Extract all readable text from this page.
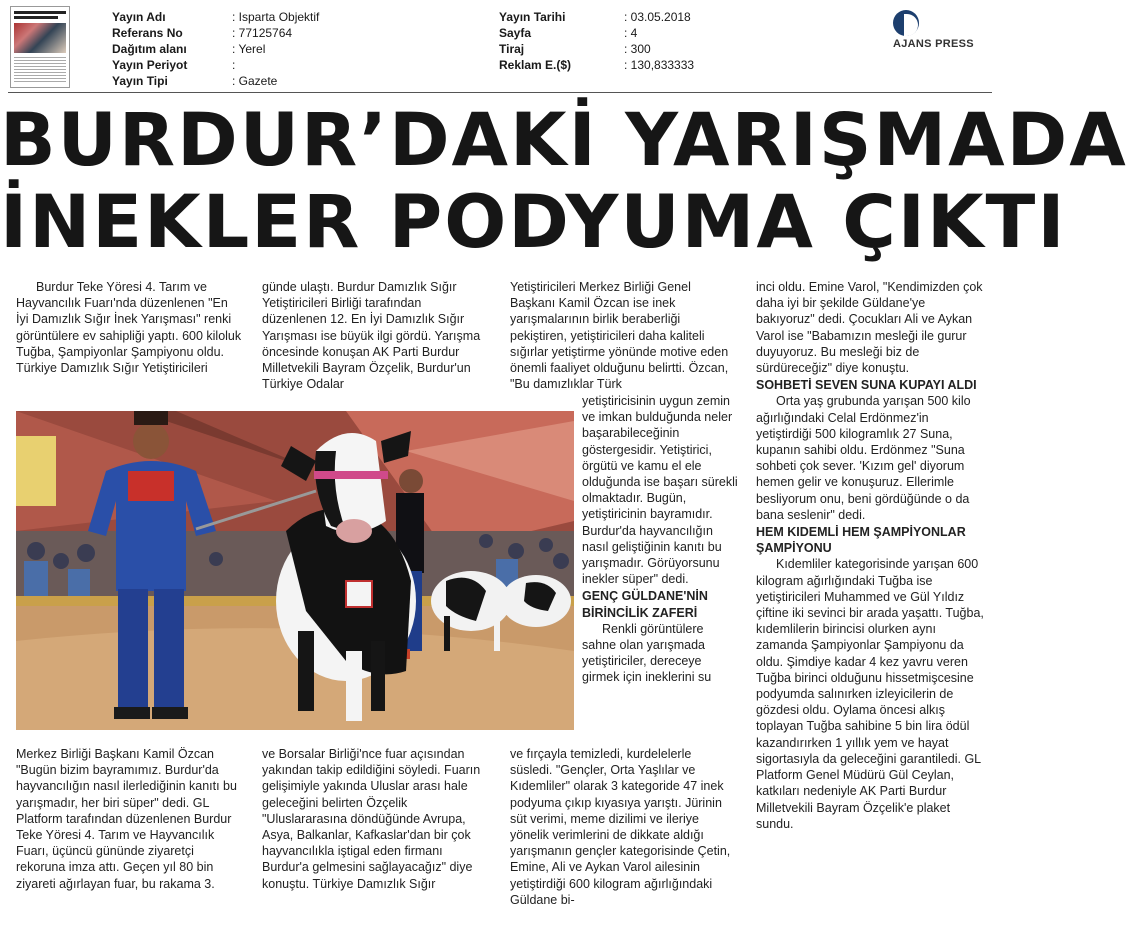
Yayın Adı	: Isparta Objektif
Referans No	: 77125764
Dağıtım alanı	: Yerel
Yayın Periyot	:
Yayın Tipi	: Gazete
Yayın Tarihi	: 03.05.2018
Sayfa	: 4
Tiraj	: 300
Reklam E.($)	: 130,833333
AJANS PRESS
BURDUR’DAKİ YARIŞMADA
İNEKLER PODYUMA ÇIKTI

Burdur Teke Yöresi 4. Tarım ve Hayvancılık Fuarı'nda düzenlenen "En İyi Damızlık Sığır İnek Yarışması" renki görüntülere ev sahipliği yaptı. 600 kiloluk Tuğba, Şampiyonlar Şampiyonu oldu. Türkiye Damızlık Sığır Yetiştiricileri

günde ulaştı. Burdur Damızlık Sığır Yetiştiricileri Birliği tarafından düzenlenen 12. En İyi Damızlık Sığır Yarışması ise büyük ilgi gördü. Yarışma öncesinde konuşan AK Parti Burdur Milletvekili Bayram Özçelik, Burdur'un Türkiye Odalar

Yetiştiricileri Merkez Birliği Genel Başkanı Kamil Özcan ise inek yarışmalarının birlik beraberliği pekiştiren, yetiştiricileri daha kaliteli sığırlar yetiştirme yönünde motive eden önemli faaliyet olduğunu belirtti. Özcan, "Bu damızlıklar Türk

yetiştiricisinin uygun zemin ve imkan bulduğunda neler başarabileceğinin göstergesidir. Yetiştirici, örgütü ve kamu el ele olduğunda ise başarı sürekli olmaktadır. Bugün, yetiştiricinin bayramıdır. Burdur'da hayvancılığın nasıl geliştiğinin kanıtı bu yarışmadır. Görüyorsunu inekler süper" dedi.

GENÇ GÜLDANE'NİN BİRİNCİLİK ZAFERİ

Renkli görüntülere sahne olan yarışmada yetiştiriciler, dereceye girmek için ineklerini su

inci oldu. Emine Varol, "Kendimizden çok daha iyi bir şekilde Güldane'ye bakıyoruz" dedi. Çocukları Ali ve Aykan Varol ise "Babamızın mesleği ile gurur duyuyoruz. Bu mesleği biz de sürdüreceğiz" diye konuştu.

SOHBETİ SEVEN SUNA KUPAYI ALDI

Orta yaş grubunda yarışan 500 kilo ağırlığındaki Celal Erdönmez'in yetiştirdiği 500 kilogramlık 27 Suna, kupanın sahibi oldu. Erdönmez "Suna sohbeti çok sever. 'Kızım gel' diyorum hemen gelir ve konuşuruz. Ellerimle besliyorum onu, beni gördüğünde o da bana seslenir" dedi.

HEM KIDEMLİ HEM ŞAMPİYONLAR ŞAMPİYONU

Kıdemliler kategorisinde yarışan 600 kilogram ağırlığındaki Tuğba ise yetiştiricileri Muhammed ve Gül Yıldız çiftine iki sevinci bir arada yaşattı. Tuğba, kıdemlilerin birincisi olurken aynı zamanda Şampiyonlar Şampiyonu da oldu. Şimdiye kadar 4 kez yavru veren Tuğba birinci olduğunu hissetmişcesine podyumda salınırken izleyicilerin de gözdesi oldu. Oylama öncesi alkış toplayan Tuğba sahibine 5 bin lira ödül kazandırırken 1 yıllık yem ve hayat sigortasıyla da geleceğini garantiledi. GL Platform Genel Müdürü Gül Ceylan, katkıları nedeniyle AK Parti Burdur Milletvekili Bayram Özçelik'e plaket sundu.

Merkez Birliği Başkanı Kamil Özcan "Bugün bizim bayramımız. Burdur'da hayvancılığın nasıl ilerlediğinin kanıtı bu yarışmadır, her biri süper" dedi. GL Platform tarafından düzenlenen Burdur Teke Yöresi 4. Tarım ve Hayvancılık Fuarı, üçüncü gününde ziyaretçi rekoruna imza attı. Geçen yıl 80 bin ziyareti ağırlayan fuar, bu rakama 3.

ve Borsalar Birliği'nce fuar açısından yakından takip edildiğini söyledi. Fuarın gelişimiyle yakında Uluslar arası hale geleceğini belirten Özçelik "Uluslararasına döndüğünde Avrupa, Asya, Balkanlar, Kafkaslar'dan bir çok hayvancılıkla iştigal eden firmanı Burdur'a gelmesini sağlayacağız" diye konuştu. Türkiye Damızlık Sığır

ve fırçayla temizledi, kurdelelerle süsledi. "Gençler, Orta Yaşlılar ve Kıdemliler" olarak 3 kategoride 47 inek podyuma çıkıp kıyasıya yarıştı. Jürinin süt verimi, meme dizilimi ve ileriye yönelik verimlerini de dikkate aldığı yarışmanın gençler kategorisinde Çetin, Emine, Ali ve Aykan Varol ailesinin yetiştirdiği 600 kilogram ağırlığındaki Güldane bi-
